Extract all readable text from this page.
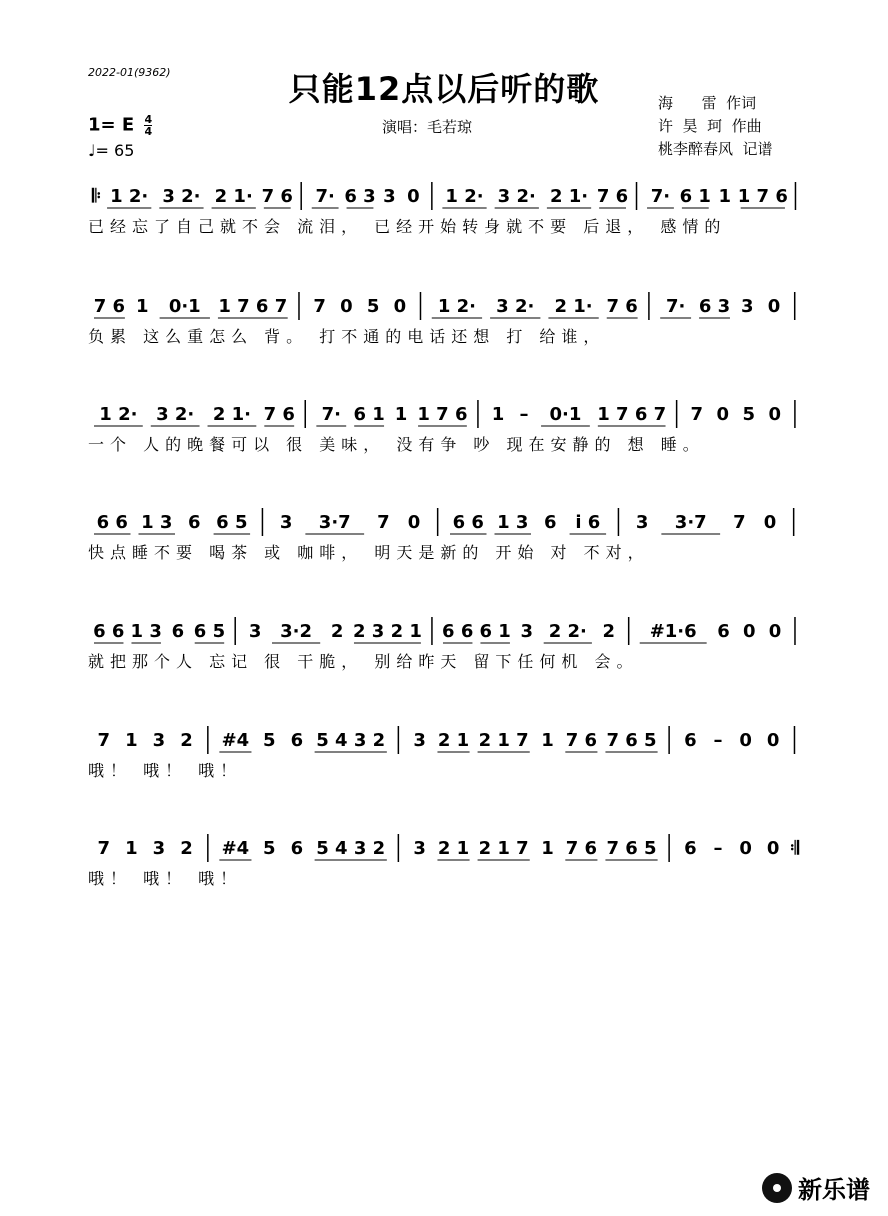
2022-01(9362)	只能12点以后听的歌
1= E $\frac{4}{4}$
♩= 65
演唱：毛若琼
海      雷  作词
许  昊  珂  作曲
桃李醉春风  记谱
𝄆 1 2· 3 2· 2 1· 7 6 7· 6 3 3 0 1 2· 3 2· 2 1· 7 6 7· 6 1 1 1 7 6
已经忘了自己就不会 流泪， 已经开始转身就不要 后退， 感情的
7 6 1 0·1 1 7 6 7 7 0 5 0 1 2· 3 2· 2 1· 7 6 7· 6 3 3 0
负累 这么重怎么 背。 打不通的电话还想 打 给谁，
1 2· 3 2· 2 1· 7 6 7· 6 1 1 1 7 6 1 – 0·1 1 7 6 7 7 0 5 0
一个 人的晚餐可以 很 美味， 没有争 吵 现在安静的 想 睡。
6 6 1 3 6 6 5 3 3·7 7 0 6 6 1 3 6 i 6 3 3·7 7 0
快点睡不要 喝茶 或 咖啡， 明天是新的 开始 对 不对，
6 6 1 3 6 6 5 3 3·2 2 2 3 2 1 6 6 6 1 3 2 2· 2 #1·6 6 0 0
就把那个人 忘记 很 干脆， 别给昨天 留下任何机 会。
7 1 3 2 #4 5 6 5 4 3 2 3 2 1 2 1 7 1 7 6 7 6 5 6 – 0 0
哦！ 哦！ 哦！
7 1 3 2 #4 5 6 5 4 3 2 3 2 1 2 1 7 1 7 6 7 6 5 6 – 0 0 𝄇
哦！ 哦！ 哦！
新乐谱
